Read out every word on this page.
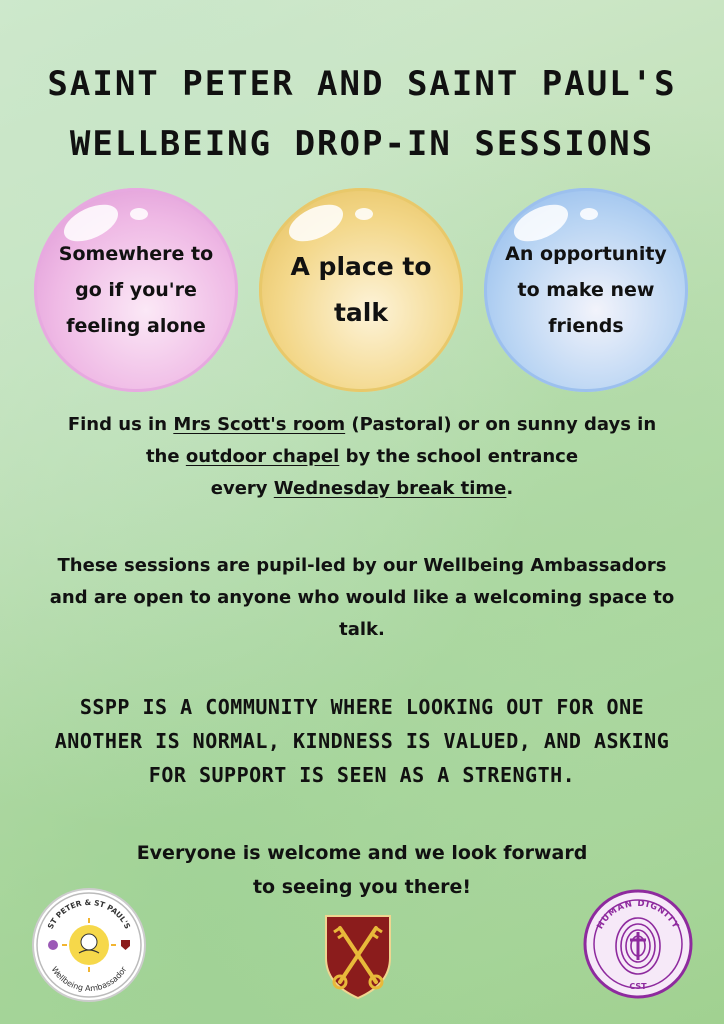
SAINT PETER AND SAINT PAUL'S
WELLBEING DROP-IN SESSIONS
Somewhere to
go if you're
feeling alone
A place to
talk
An opportunity
to make new
friends
Find us in Mrs Scott's room (Pastoral) or on sunny days in
the outdoor chapel by the school entrance
every Wednesday break time.
These sessions are pupil-led by our Wellbeing Ambassadors
and are open to anyone who would like a welcoming space to
talk.
SSPP IS A COMMUNITY WHERE LOOKING OUT FOR ONE
ANOTHER IS NORMAL, KINDNESS IS VALUED, AND ASKING
FOR SUPPORT IS SEEN AS A STRENGTH.
Everyone is welcome and we look forward
to seeing you there!
ST PETER & ST PAUL'S
Wellbeing Ambassador
HUMAN DIGNITY
CST
